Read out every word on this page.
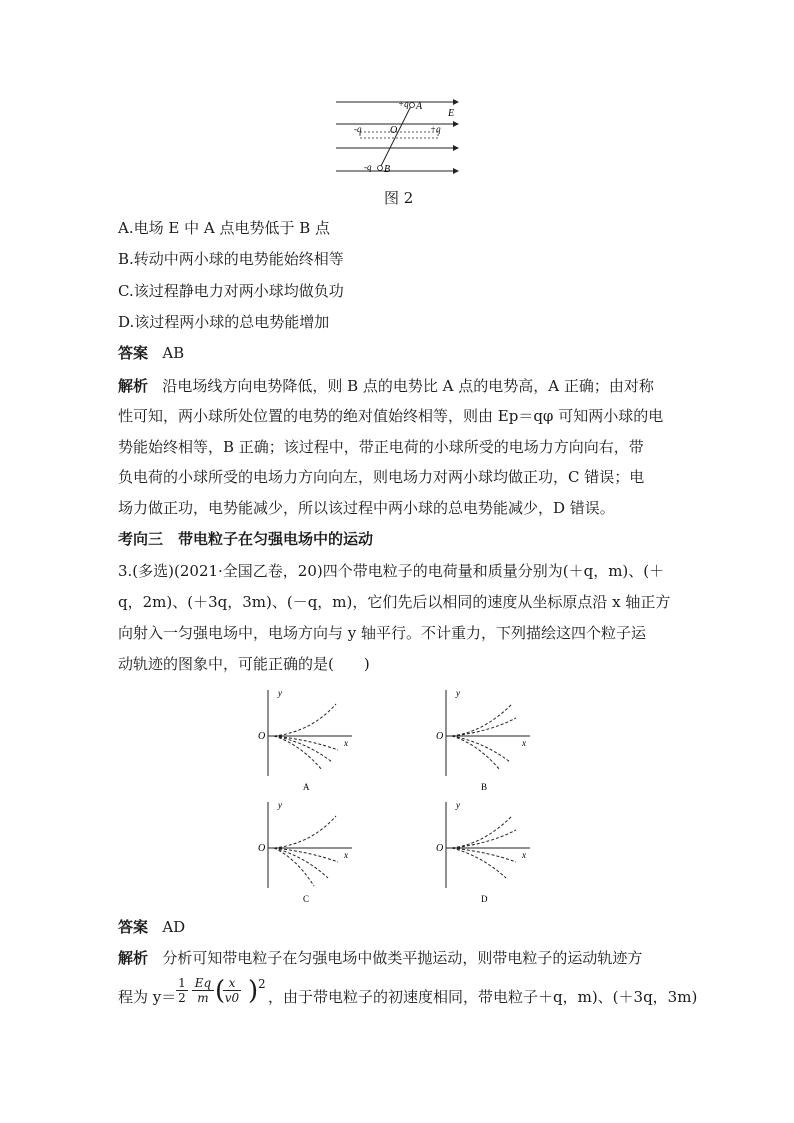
+q A
E
-q	O	+q
-q B
图 2
A.电场 E 中 A 点电势低于 B 点
B.转动中两小球的电势能始终相等
C.该过程静电力对两小球均做负功
D.该过程两小球的总电势能增加
答案 AB
解析 沿电场线方向电势降低，则 B 点的电势比 A 点的电势高，A 正确；由对称
性可知，两小球所处位置的电势的绝对值始终相等，则由 Ep＝qφ 可知两小球的电
势能始终相等，B 正确；该过程中，带正电荷的小球所受的电场力方向向右，带
负电荷的小球所受的电场力方向向左，则电场力对两小球均做正功，C 错误；电
场力做正功，电势能减少，所以该过程中两小球的总电势能减少，D 错误。
考向三　带电粒子在匀强电场中的运动
3.(多选)(2021·全国乙卷，20)四个带电粒子的电荷量和质量分别为(＋q，m)、(＋
q，2m)、(＋3q，3m)、(－q，m)，它们先后以相同的速度从坐标原点沿 x 轴正方
向射入一匀强电场中，电场方向与 y 轴平行。不计重力，下列描绘这四个粒子运
动轨迹的图象中，可能正确的是(　　)
y
x
O
A
y
x
O
B
y
x
O
C
y
x
O
D
答案 AD
解析 分析可知带电粒子在匀强电场中做类平抛运动，则带电粒子的运动轨迹方
程为 y＝
1
2
Eq
m ( x
v0 ) 2
，由于带电粒子的初速度相同，带电粒子＋q，m)、(＋3q，3m)
